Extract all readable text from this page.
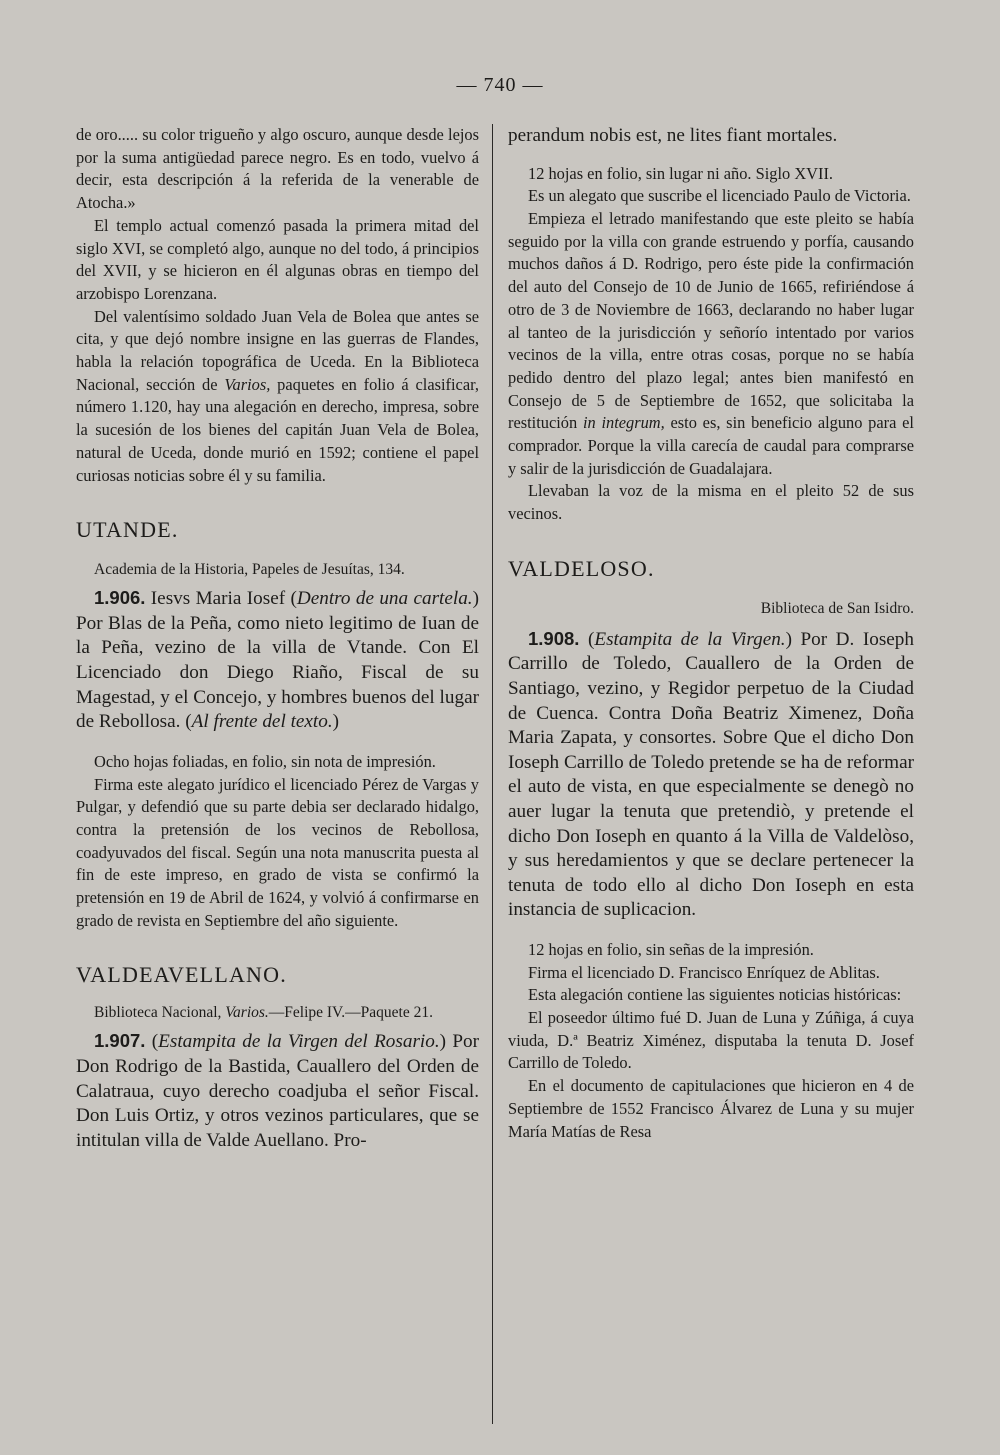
— 740 —

de oro..... su color trigueño y algo oscuro, aunque desde lejos por la suma antigüedad parece negro. Es en todo, vuelvo á decir, esta descripción á la referida de la venerable de Atocha.»

El templo actual comenzó pasada la primera mitad del siglo XVI, se completó algo, aunque no del todo, á principios del XVII, y se hicieron en él algunas obras en tiempo del arzobispo Lorenzana.

Del valentísimo soldado Juan Vela de Bolea que antes se cita, y que dejó nombre insigne en las guerras de Flandes, habla la relación topográfica de Uceda. En la Biblioteca Nacional, sección de Varios, paquetes en folio á clasificar, número 1.120, hay una alegación en derecho, impresa, sobre la sucesión de los bienes del capitán Juan Vela de Bolea, natural de Uceda, donde murió en 1592; contiene el papel curiosas noticias sobre él y su familia.

UTANDE.

Academia de la Historia, Papeles de Jesuítas, 134.

1.906. Iesvs Maria Iosef (Dentro de una cartela.) Por Blas de la Peña, como nieto legitimo de Iuan de la Peña, vezino de la villa de Vtande. Con El Licenciado don Diego Riaño, Fiscal de su Magestad, y el Concejo, y hombres buenos del lugar de Rebollosa. (Al frente del texto.)

Ocho hojas foliadas, en folio, sin nota de impresión.

Firma este alegato jurídico el licenciado Pérez de Vargas y Pulgar, y defendió que su parte debia ser declarado hidalgo, contra la pretensión de los vecinos de Rebollosa, coadyuvados del fiscal. Según una nota manuscrita puesta al fin de este impreso, en grado de vista se confirmó la pretensión en 19 de Abril de 1624, y volvió á confirmarse en grado de revista en Septiembre del año siguiente.

VALDEAVELLANO.

Biblioteca Nacional, Varios.—Felipe IV.—Paquete 21.

1.907. (Estampita de la Virgen del Rosario.) Por Don Rodrigo de la Bastida, Cauallero del Orden de Calatraua, cuyo derecho coadjuba el señor Fiscal. Don Luis Ortiz, y otros vezinos particulares, que se intitulan villa de Valde Auellano. Pro-

perandum nobis est, ne lites fiant mortales.

12 hojas en folio, sin lugar ni año. Siglo XVII.

Es un alegato que suscribe el licenciado Paulo de Victoria.

Empieza el letrado manifestando que este pleito se había seguido por la villa con grande estruendo y porfía, causando muchos daños á D. Rodrigo, pero éste pide la confirmación del auto del Consejo de 10 de Junio de 1665, refiriéndose á otro de 3 de Noviembre de 1663, declarando no haber lugar al tanteo de la jurisdicción y señorío intentado por varios vecinos de la villa, entre otras cosas, porque no se había pedido dentro del plazo legal; antes bien manifestó en Consejo de 5 de Septiembre de 1652, que solicitaba la restitución in integrum, esto es, sin beneficio alguno para el comprador. Porque la villa carecía de caudal para comprarse y salir de la jurisdicción de Guadalajara.

Llevaban la voz de la misma en el pleito 52 de sus vecinos.

VALDELOSO.

Biblioteca de San Isidro.

1.908. (Estampita de la Virgen.) Por D. Ioseph Carrillo de Toledo, Cauallero de la Orden de Santiago, vezino, y Regidor perpetuo de la Ciudad de Cuenca. Contra Doña Beatriz Ximenez, Doña Maria Zapata, y consortes. Sobre Que el dicho Don Ioseph Carrillo de Toledo pretende se ha de reformar el auto de vista, en que especialmente se denegò no auer lugar la tenuta que pretendiò, y pretende el dicho Don Ioseph en quanto á la Villa de Valdelòso, y sus heredamientos y que se declare pertenecer la tenuta de todo ello al dicho Don Ioseph en esta instancia de suplicacion.

12 hojas en folio, sin señas de la impresión.

Firma el licenciado D. Francisco Enríquez de Ablitas.

Esta alegación contiene las siguientes noticias históricas:

El poseedor último fué D. Juan de Luna y Zúñiga, á cuya viuda, D.ª Beatriz Ximénez, disputaba la tenuta D. Josef Carrillo de Toledo.

En el documento de capitulaciones que hicieron en 4 de Septiembre de 1552 Francisco Álvarez de Luna y su mujer María Matías de Resa
